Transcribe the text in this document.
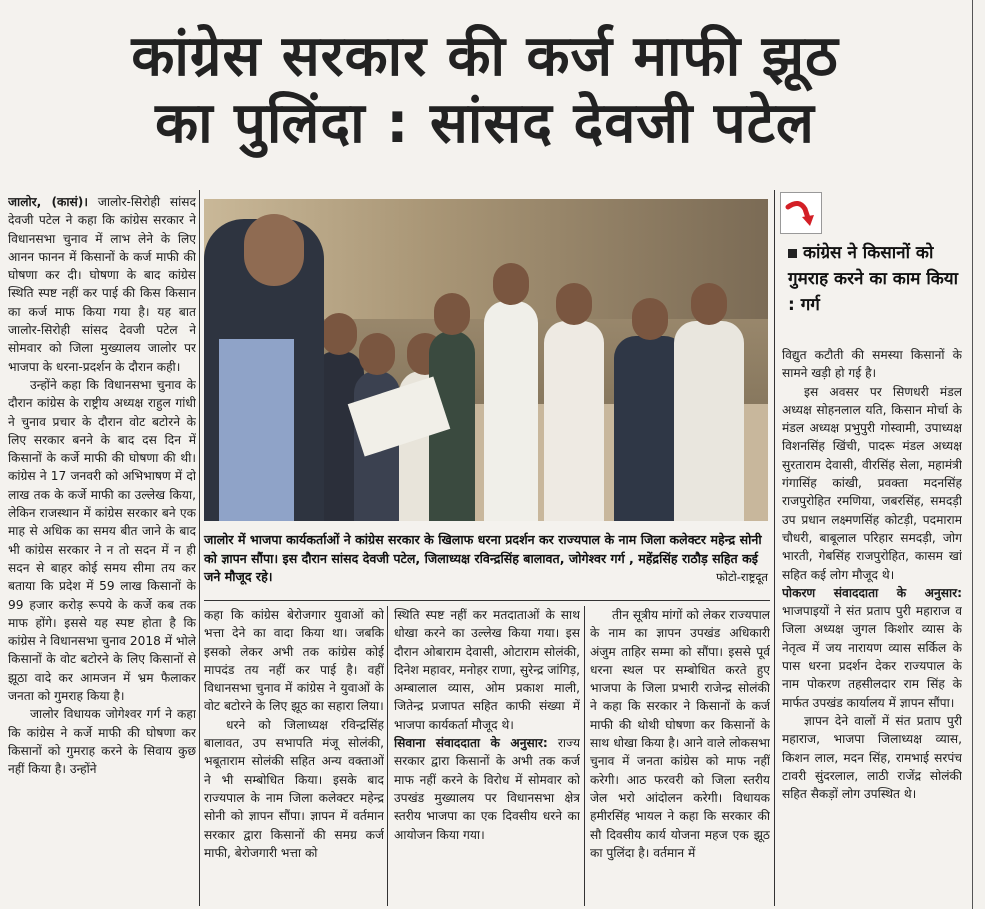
कांग्रेस सरकार की कर्ज माफी झूठ
का पुलिंदा : सांसद देवजी पटेल

जालोर, (कासं)। जालोर-सिरोही सांसद देवजी पटेल ने कहा कि कांग्रेस सरकार ने विधानसभा चुनाव में लाभ लेने के लिए आनन फानन में किसानों के कर्ज माफी की घोषणा कर दी। घोषणा के बाद कांग्रेस स्थिति स्पष्ट नहीं कर पाई की किस किसान का कर्ज माफ किया गया है। यह बात जालोर-सिरोही सांसद देवजी पटेल ने सोमवार को जिला मुख्यालय जालोर पर भाजपा के धरना-प्रदर्शन के दौरान कही।

उन्होंने कहा कि विधानसभा चुनाव के दौरान कांग्रेस के राष्ट्रीय अध्यक्ष राहुल गांधी ने चुनाव प्रचार के दौरान वोट बटोरने के लिए सरकार बनने के बाद दस दिन में किसानों के कर्जे माफी की घोषणा की थी। कांग्रेस ने 17 जनवरी को अभिभाषण में दो लाख तक के कर्जे माफी का उल्लेख किया, लेकिन राजस्थान में कांग्रेस सरकार बने एक माह से अधिक का समय बीत जाने के बाद भी कांग्रेस सरकार ने न तो सदन में न ही सदन से बाहर कोई समय सीमा तय कर बताया कि प्रदेश में 59 लाख किसानों के 99 हजार करोड़ रूपये के कर्जे कब तक माफ होंगे। इससे यह स्पष्ट होता है कि कांग्रेस ने विधानसभा चुनाव 2018 में भोले किसानों के वोट बटोरने के लिए किसानों से झूठा वादे कर आमजन में भ्रम फैलाकर जनता को गुमराह किया है।

जालोर विधायक जोगेश्वर गर्ग ने कहा कि कांग्रेस ने कर्जे माफी की घोषणा कर किसानों को गुमराह करने के सिवाय कुछ नहीं किया है। उन्होंने

जालोर में भाजपा कार्यकर्ताओं ने कांग्रेस सरकार के खिलाफ धरना प्रदर्शन कर राज्यपाल के नाम जिला कलेक्टर महेन्द्र सोनी को ज्ञापन सौंपा। इस दौरान सांसद देवजी पटेल, जिलाध्यक्ष रविन्द्रसिंह बालावत, जोगेश्वर गर्ग , महेंद्रसिंह राठौड़ सहित कई जने मौजूद रहे।	फोटो-राष्ट्रदूत

कहा कि कांग्रेस बेरोजगार युवाओं को भत्ता देने का वादा किया था। जबकि इसको लेकर अभी तक कांग्रेस कोई मापदंड तय नहीं कर पाई है। वहीं विधानसभा चुनाव में कांग्रेस ने युवाओं के वोट बटोरने के लिए झूठ का सहारा लिया।

धरने को जिलाध्यक्ष रविन्द्रसिंह बालावत, उप सभापति मंजू सोलंकी, भबूताराम सोलंकी सहित अन्य वक्ताओं ने भी सम्बोधित किया। इसके बाद राज्यपाल के नाम जिला कलेक्टर महेन्द्र सोनी को ज्ञापन सौंपा। ज्ञापन में वर्तमान सरकार द्वारा किसानों की समग्र कर्ज माफी, बेरोजगारी भत्ता को

स्थिति स्पष्ट नहीं कर मतदाताओं के साथ धोखा करने का उल्लेख किया गया। इस दौरान ओबाराम देवासी, ओटाराम सोलंकी, दिनेश महावर, मनोहर राणा, सुरेन्द्र जांगिड़, अम्बालाल व्यास, ओम प्रकाश माली, जितेन्द्र प्रजापत सहित काफी संख्या में भाजपा कार्यकर्ता मौजूद थे।

सिवाना संवाददाता के अनुसार: राज्य सरकार द्वारा किसानों के अभी तक कर्ज माफ नहीं करने के विरोध में सोमवार को उपखंड मुख्यालय पर विधानसभा क्षेत्र स्तरीय भाजपा का एक दिवसीय धरने का आयोजन किया गया।

तीन सूत्रीय मांगों को लेकर राज्यपाल के नाम का ज्ञापन उपखंड अधिकारी अंजुम ताहिर सम्मा को सौंपा। इससे पूर्व धरना स्थल पर सम्बोधित करते हुए भाजपा के जिला प्रभारी राजेन्द्र सोलंकी ने कहा कि सरकार ने किसानों के कर्ज माफी की थोथी घोषणा कर किसानों के साथ धोखा किया है। आने वाले लोकसभा चुनाव में जनता कांग्रेस को माफ नहीं करेगी। आठ फरवरी को जिला स्तरीय जेल भरो आंदोलन करेगी। विधायक हमीरसिंह भायल ने कहा कि सरकार की सौ दिवसीय कार्य योजना महज एक झूठ का पुलिंदा है। वर्तमान में

कांग्रेस ने किसानों को गुमराह करने का काम किया : गर्ग

विद्युत कटौती की समस्या किसानों के सामने खड़ी हो गई है।

इस अवसर पर सिणधरी मंडल अध्यक्ष सोहनलाल यति, किसान मोर्चा के मंडल अध्यक्ष प्रभुपुरी गोस्वामी, उपाध्यक्ष विशनसिंह खिंची, पादरू मंडल अध्यक्ष सुरताराम देवासी, वीरसिंह सेला, महामंत्री गंगासिंह कांखी, प्रवक्ता मदनसिंह राजपुरोहित रमणिया, जबरसिंह, समदड़ी उप प्रधान लक्ष्मणसिंह कोटड़ी, पदमाराम चौधरी, बाबूलाल परिहार समदड़ी, जोग भारती, गेबसिंह राजपुरोहित, कासम खां सहित कई लोग मौजूद थे।

पोकरण संवाददाता के अनुसार: भाजपाइयों ने संत प्रताप पुरी महाराज व जिला अध्यक्ष जुगल किशोर व्यास के नेतृत्व में जय नारायण व्यास सर्किल के पास धरना प्रदर्शन देकर राज्यपाल के नाम पोकरण तहसीलदार राम सिंह के मार्फत उपखंड कार्यालय में ज्ञापन सौंपा।

ज्ञापन देने वालों में संत प्रताप पुरी महाराज, भाजपा जिलाध्यक्ष व्यास, किशन लाल, मदन सिंह, रामभाई सरपंच टावरी सुंदरलाल, लाठी राजेंद्र सोलंकी सहित सैकड़ों लोग उपस्थित थे।
